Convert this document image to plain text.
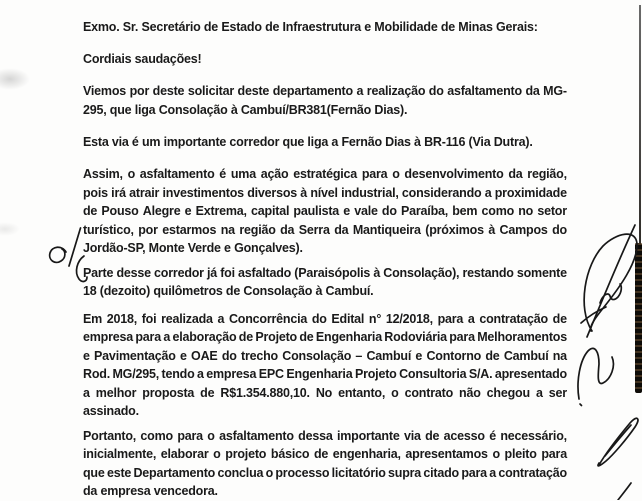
Exmo. Sr. Secretário de Estado de Infraestrutura e Mobilidade de Minas Gerais:
Cordiais saudações!
Viemos por deste solicitar deste departamento a realização do asfaltamento da MG-
295, que liga Consolação à Cambuí/BR381(Fernão Dias).
Esta via é um importante corredor que liga a Fernão Dias à BR-116 (Via Dutra).
Assim, o asfaltamento é uma ação estratégica para o desenvolvimento da região,
pois irá atrair investimentos diversos à nível industrial, considerando a proximidade
de Pouso Alegre e Extrema, capital paulista e vale do Paraíba, bem como no setor
turístico, por estarmos na região da Serra da Mantiqueira (próximos à Campos do
Jordão-SP, Monte Verde e Gonçalves).
Parte desse corredor já foi asfaltado (Paraisópolis à Consolação), restando somente
18 (dezoito) quilômetros de Consolação à Cambuí.
Em 2018, foi realizada a Concorrência do Edital n° 12/2018, para a contratação de
empresa para a elaboração de Projeto de Engenharia Rodoviária para Melhoramentos
e Pavimentação e OAE do trecho Consolação – Cambuí e Contorno de Cambuí na
Rod. MG/295, tendo a empresa EPC Engenharia Projeto Consultoria S/A. apresentado
a melhor proposta de R$1.354.880,10. No entanto, o contrato não chegou a ser
assinado.
Portanto, como para o asfaltamento dessa importante via de acesso é necessário,
inicialmente, elaborar o projeto básico de engenharia, apresentamos o pleito para
que este Departamento conclua o processo licitatório supra citado para a contratação
da empresa vencedora.
